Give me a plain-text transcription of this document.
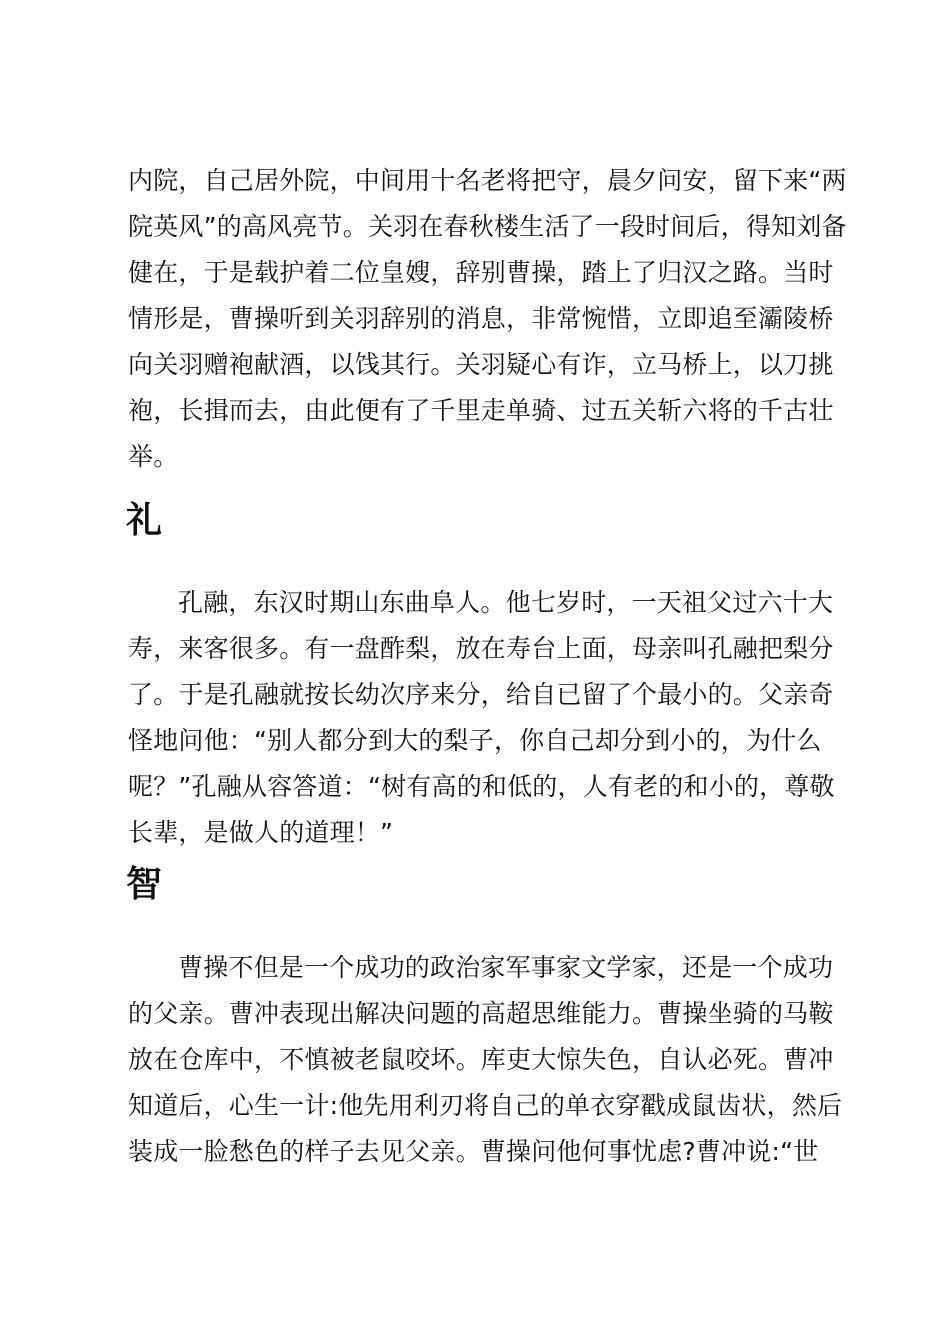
内院，自己居外院，中间用十名老将把守，晨夕问安，留下来“两
院英风”的高风亮节。关羽在春秋楼生活了一段时间后，得知刘备
健在，于是载护着二位皇嫂，辞别曹操，踏上了归汉之路。当时
情形是，曹操听到关羽辞别的消息，非常惋惜，立即追至灞陵桥
向关羽赠袍献酒，以饯其行。关羽疑心有诈，立马桥上，以刀挑
袍，长揖而去，由此便有了千里走单骑、过五关斩六将的千古壮
举。

礼

孔融，东汉时期山东曲阜人。他七岁时，一天祖父过六十大
寿，来客很多。有一盘酢梨，放在寿台上面，母亲叫孔融把梨分
了。于是孔融就按长幼次序来分，给自已留了个最小的。父亲奇
怪地问他：“别人都分到大的梨子，你自己却分到小的，为什么
呢？”孔融从容答道：“树有高的和低的，人有老的和小的，尊敬
长辈，是做人的道理！”

智

曹操不但是一个成功的政治家军事家文学家，还是一个成功
的父亲。曹冲表现出解决问题的高超思维能力。曹操坐骑的马鞍
放在仓库中，不慎被老鼠咬坏。库吏大惊失色，自认必死。曹冲
知道后，心生一计:他先用利刃将自己的单衣穿戳成鼠齿状，然后
装成一脸愁色的样子去见父亲。曹操问他何事忧虑?曹冲说:“世
